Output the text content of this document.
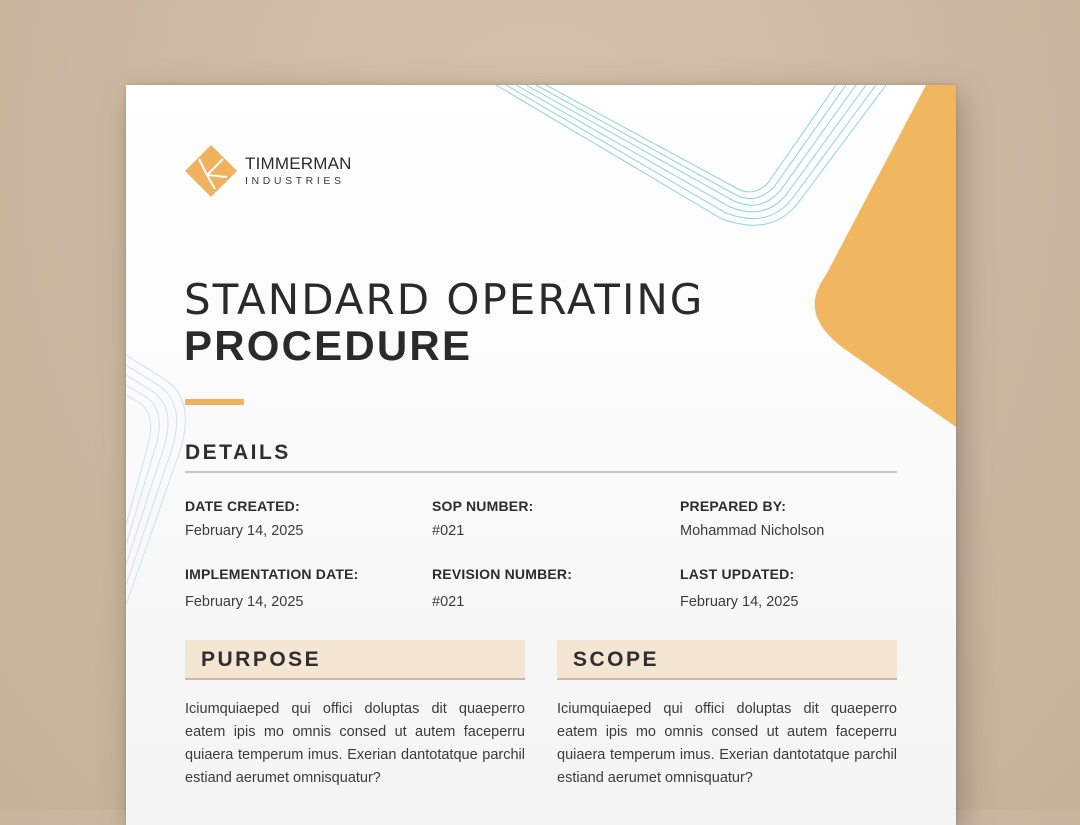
TIMMERMAN
INDUSTRIES
STANDARD OPERATING
PROCEDURE
DETAILS
DATE CREATED:
February 14, 2025
SOP NUMBER:
#021
PREPARED BY:
Mohammad Nicholson
IMPLEMENTATION DATE:
February 14, 2025
REVISION NUMBER:
#021
LAST UPDATED:
February 14, 2025
PURPOSE
Iciumquiaeped qui offici doluptas dit quaeperro eatem ipis mo omnis consed ut autem faceperru quiaera temperum imus. Exerian dantotatque parchil estiand aerumet omnisquatur?
SCOPE
Iciumquiaeped qui offici doluptas dit quaeperro eatem ipis mo omnis consed ut autem faceperru quiaera temperum imus. Exerian dantotatque parchil estiand aerumet omnisquatur?
